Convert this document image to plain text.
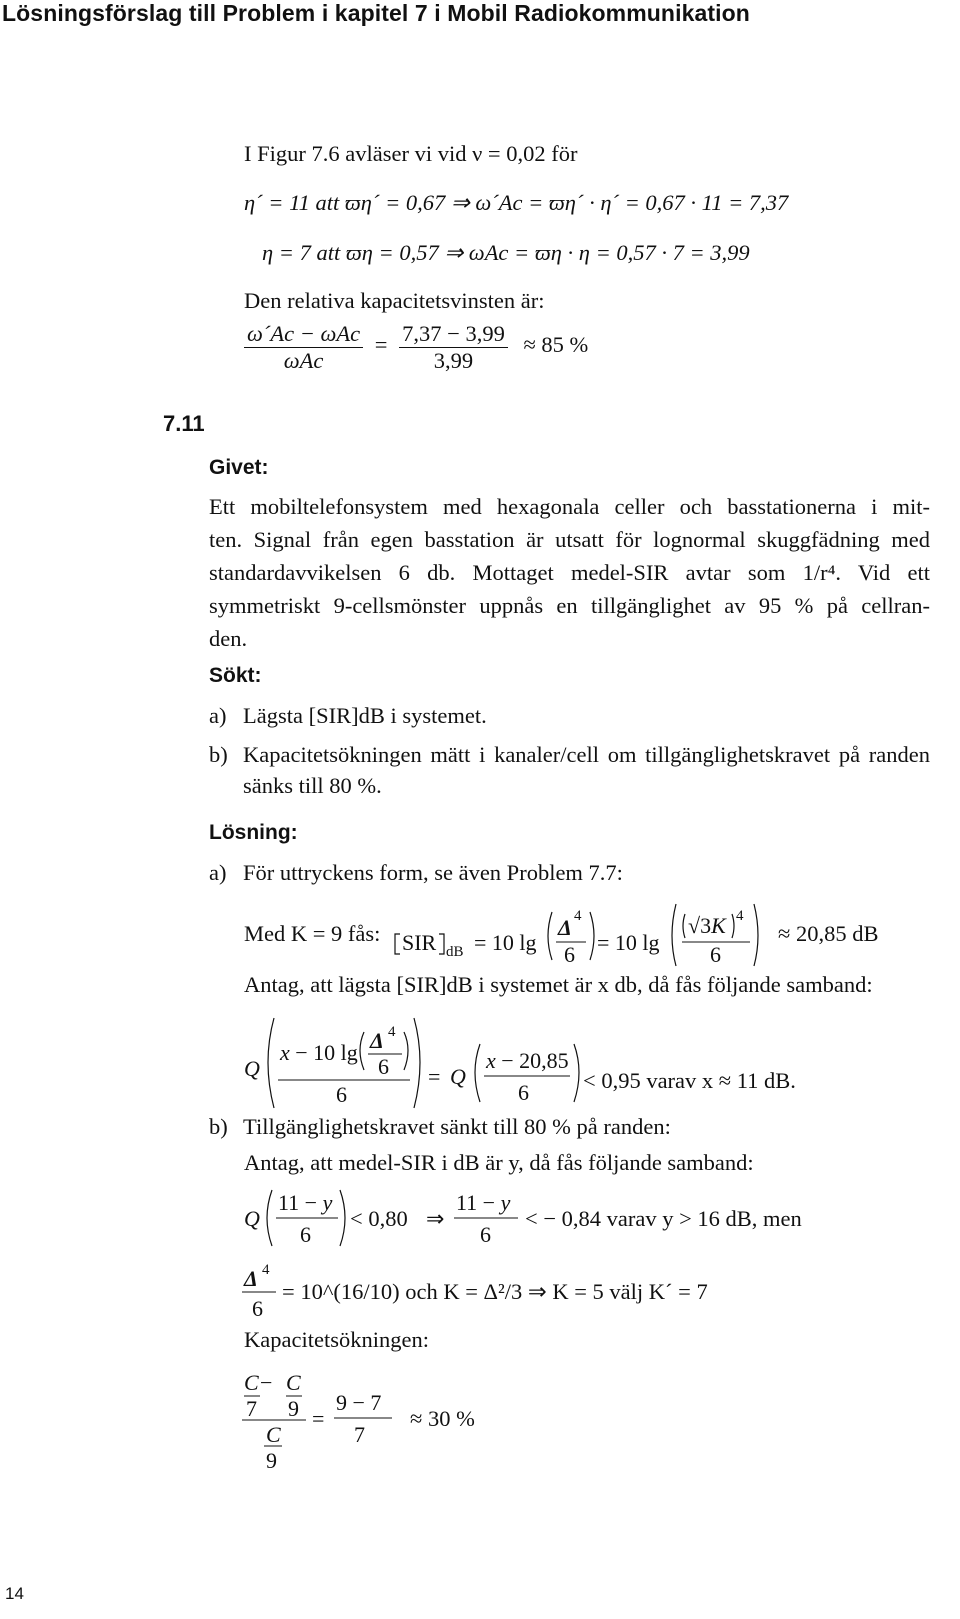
Lösningsförslag till Problem i kapitel 7 i Mobil Radiokommunikation
I Figur 7.6 avläser vi vid ν = 0,02 för
η´ = 11 att ϖη´ = 0,67 ⇒ ω´Ac = ϖη´ · η´ = 0,67 · 11 = 7,37
η = 7 att ϖη = 0,57 ⇒ ωAc = ϖη · η = 0,57 · 7 = 3,99
Den relativa kapacitetsvinsten är:
$\frac{\text{ω´Ac − ωAc}}{\text{ωAc}} = \frac{7,37 - 3,99}{3,99} \approx 85$ %
7.11
Givet:

Ett mobiltelefonsystem med hexagonala celler och basstationerna i mit-

ten. Signal från egen basstation är utsatt för lognormal skuggfädning med

standardavvikelsen 6 db. Mottaget medel-SIR avtar som 1/r⁴. Vid ett

symmetriskt 9-cellsmönster uppnås en tillgänglighet av 95 % på cellran-

den.

Sökt:
a) Lägsta [SIR]dB i systemet.
b) Kapacitetsökningen mätt i kanaler/cell om tillgänglighetskravet på randen sänks till 80 %.
Lösning:
a) För uttryckens form, se även Problem 7.7:
Med K = 9 fås: SIR dB = 10 lg
Δ 4
6 = 10 lg
√3K 4
6
≈ 20,85 dB
Antag, att lägsta [SIR]dB i systemet är x db, då fås följande samband:
Q
x − 10 lg Δ 4
6
6
= Q
x − 20,85
6 < 0,95 varav x ≈ 11 dB.
b) Tillgänglighetskravet sänkt till 80 % på randen:
Antag, att medel-SIR i dB är y, då fås följande samband:
Q
11 − y
6
⇒
11 − y
6
< 0,80	< − 0,84 varav y > 16 dB, men
Δ 4
6
= 10^(16/10) och K = Δ²/3 ⇒ K = 5 välj K´ = 7
Kapacitetsökningen:
C − C
7 9
C
9
=
9 − 7
7
≈ 30 %
14
